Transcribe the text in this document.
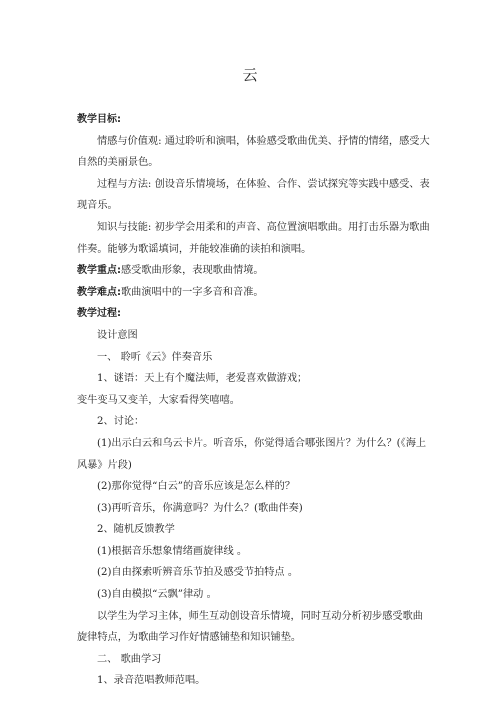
云

教学目标:

情感与价值观: 通过聆听和演唱，体验感受歌曲优美、抒情的情绪，感受大自然的美丽景色。

过程与方法: 创设音乐情境场，在体验、合作、尝试探究等实践中感受、表现音乐。

知识与技能: 初步学会用柔和的声音、高位置演唱歌曲。用打击乐器为歌曲伴奏。能够为歌谣填词，并能较准确的读拍和演唱。

教学重点:感受歌曲形象，表现歌曲情境。

教学难点:歌曲演唱中的一字多音和音准。

教学过程:

设计意图

一、 聆听《云》伴奏音乐

1、谜语：天上有个魔法师，老爱喜欢做游戏；

变牛变马又变羊，大家看得笑嘻嘻。

2、讨论：

(1)出示白云和乌云卡片。听音乐，你觉得适合哪张图片？为什么？(《海上风暴》片段)

(2)那你觉得“白云”的音乐应该是怎么样的？

(3)再听音乐，你满意吗？为什么？(歌曲伴奏)

2、随机反馈教学

(1)根据音乐想象情绪画旋律线 。

(2)自由探索听辨音乐节拍及感受节拍特点 。

(3)自由模拟“云飘”律动 。

以学生为学习主体，师生互动创设音乐情境，同时互动分析初步感受歌曲旋律特点，为歌曲学习作好情感铺垫和知识铺垫。

二、 歌曲学习

1、录音范唱教师范唱。
